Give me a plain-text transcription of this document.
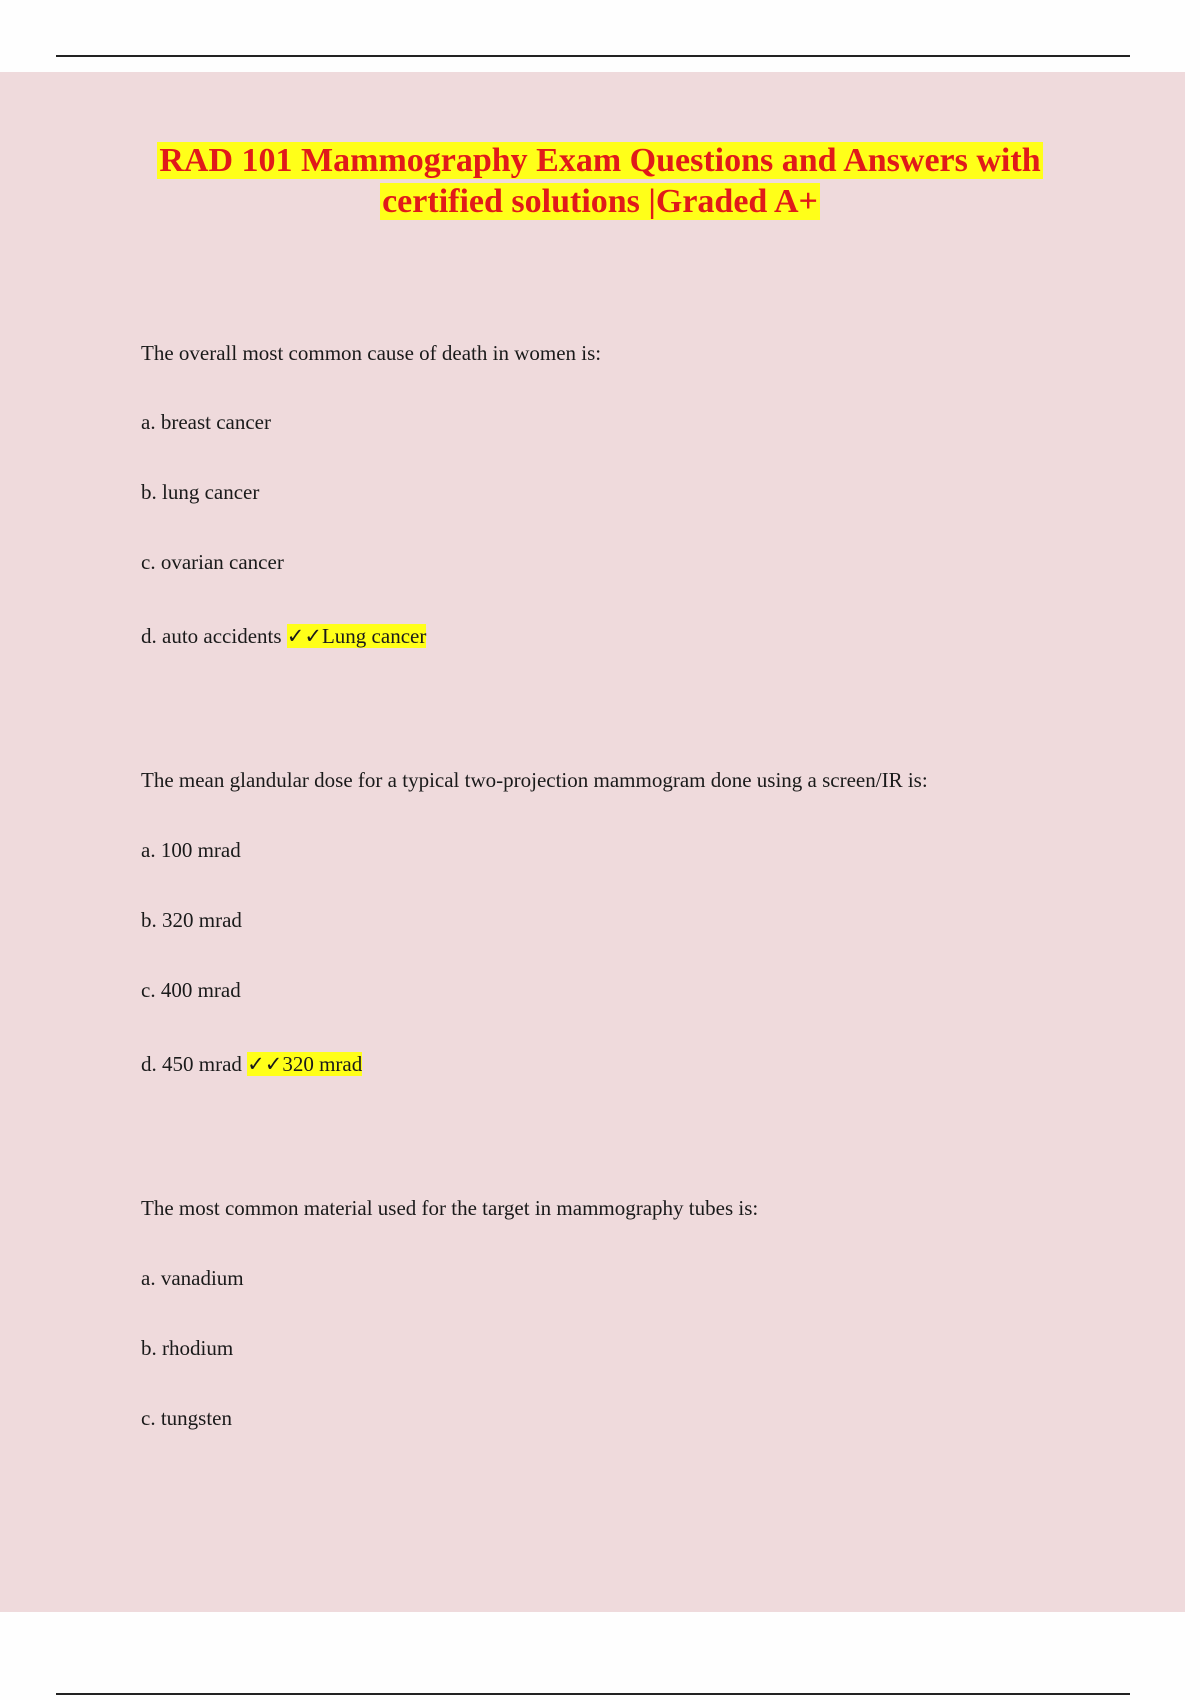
RAD 101 Mammography Exam Questions and Answers with
certified solutions |Graded A+

The overall most common cause of death in women is:

a. breast cancer

b. lung cancer

c. ovarian cancer

d. auto accidents ✓✓Lung cancer

The mean glandular dose for a typical two-projection mammogram done using a screen/IR is:

a. 100 mrad

b. 320 mrad

c. 400 mrad

d. 450 mrad ✓✓320 mrad

The most common material used for the target in mammography tubes is:

a. vanadium

b. rhodium

c. tungsten
